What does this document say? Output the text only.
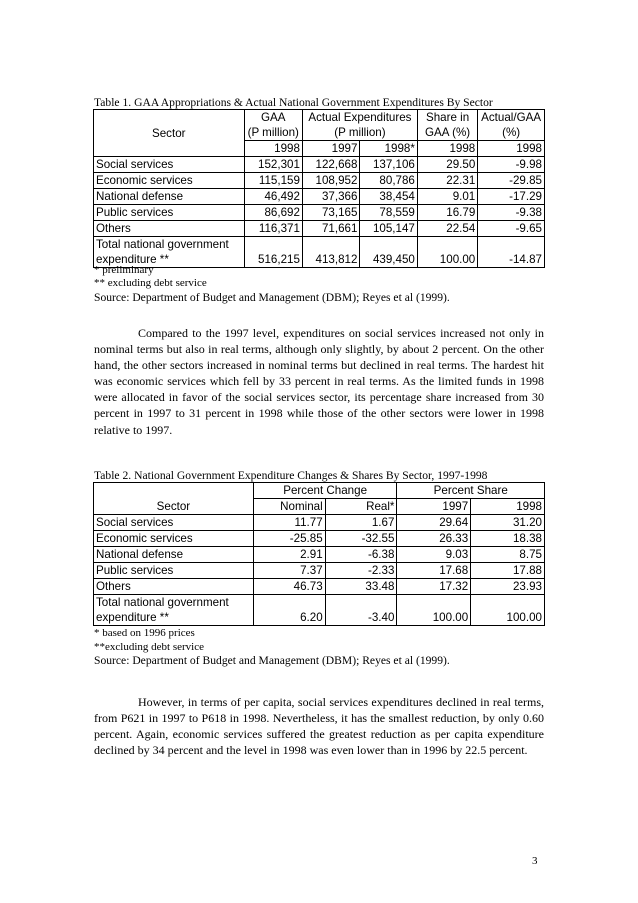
Table 1. GAA Appropriations & Actual National Government Expenditures By Sector
Sector	GAA	Actual Expenditures		Share in	Actual/GAA
	(P million)	(P million)		GAA (%)	(%)
	1998	1997	1998*	1998	1998
Social services	152,301	122,668	137,106	29.50	-9.98
Economic services	115,159	108,952	80,786	22.31	-29.85
National defense	46,492	37,366	38,454	9.01	-17.29
Public services	86,692	73,165	78,559	16.79	-9.38
Others	116,371	71,661	105,147	22.54	-9.65
Total national government
expenditure **	516,215	413,812	439,450	100.00	-14.87
* preliminary
** excluding debt service
Source: Department of Budget and Management (DBM); Reyes et al (1999).

Compared to the 1997 level, expenditures on social services increased not only in nominal terms but also in real terms, although only slightly, by about 2 percent. On the other hand, the other sectors increased in nominal terms but declined in real terms. The hardest hit was economic services which fell by 33 percent in real terms. As the limited funds in 1998 were allocated in favor of the social services sector, its percentage share increased from 30 percent in 1997 to 31 percent in 1998 while those of the other sectors were lower in 1998 relative to 1997.

Table 2. National Government Expenditure Changes & Shares By Sector, 1997-1998
Sector	Percent Change		Percent Share	
	Nominal	Real*	1997	1998
Social services	11.77	1.67	29.64	31.20
Economic services	-25.85	-32.55	26.33	18.38
National defense	2.91	-6.38	9.03	8.75
Public services	7.37	-2.33	17.68	17.88
Others	46.73	33.48	17.32	23.93
Total national government
expenditure **	6.20	-3.40	100.00	100.00
* based on 1996 prices
**excluding debt service
Source: Department of Budget and Management (DBM); Reyes et al (1999).

However, in terms of per capita, social services expenditures declined in real terms, from P621 in 1997 to P618 in 1998. Nevertheless, it has the smallest reduction, by only 0.60 percent. Again, economic services suffered the greatest reduction as per capita expenditure declined by 34 percent and the level in 1998 was even lower than in 1996 by 22.5 percent.

3
